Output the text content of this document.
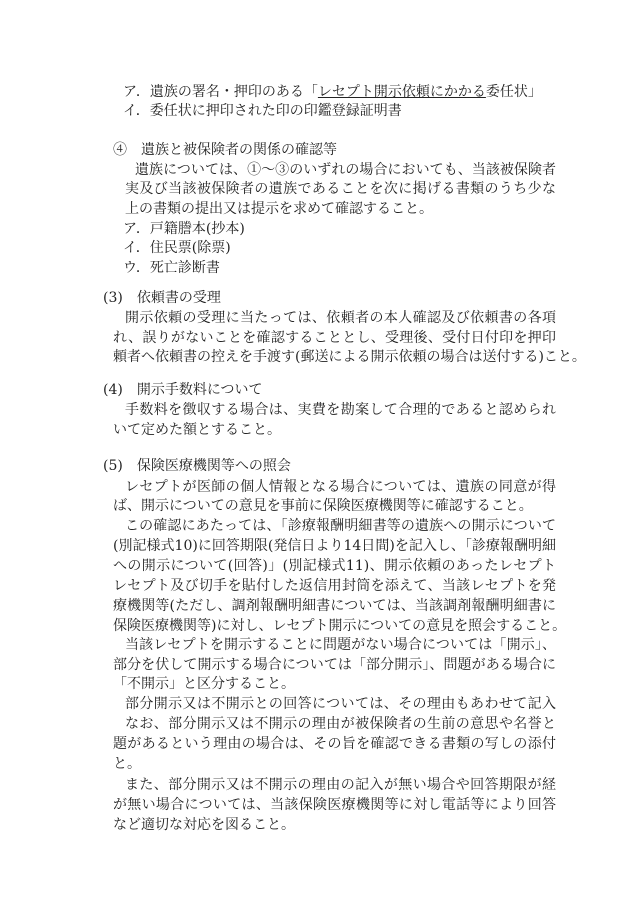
ア．遺族の署名・押印のある「レセプト開示依頼にかかる委任状」
イ．委任状に押印された印の印鑑登録証明書
④　遺族と被保険者の関係の確認等
遺族については、①～③のいずれの場合においても、当該被保険者
実及び当該被保険者の遺族であることを次に掲げる書類のうち少な
上の書類の提出又は提示を求めて確認すること。
ア．戸籍謄本(抄本)
イ．住民票(除票)
ウ．死亡診断書
(3)　依頼書の受理
開示依頼の受理に当たっては、依頼者の本人確認及び依頼書の各項
れ、誤りがないことを確認することとし、受理後、受付日付印を押印
頼者へ依頼書の控えを手渡す(郵送による開示依頼の場合は送付する)こと。
(4)　開示手数料について
手数料を徴収する場合は、実費を勘案して合理的であると認められ
いて定めた額とすること。
(5)　保険医療機関等への照会
レセプトが医師の個人情報となる場合については、遺族の同意が得
ば、開示についての意見を事前に保険医療機関等に確認すること。
この確認にあたっては、「診療報酬明細書等の遺族への開示について
(別記様式10)に回答期限(発信日より14日間)を記入し、「診療報酬明細
への開示について(回答)」(別記様式11)、開示依頼のあったレセプト
レセプト及び切手を貼付した返信用封筒を添えて、当該レセプトを発
療機関等(ただし、調剤報酬明細書については、当該調剤報酬明細書に
保険医療機関等)に対し、レセプト開示についての意見を照会すること。
当該レセプトを開示することに問題がない場合については「開示」、
部分を伏して開示する場合については「部分開示」、問題がある場合に
「不開示」と区分すること。
部分開示又は不開示との回答については、その理由もあわせて記入
なお、部分開示又は不開示の理由が被保険者の生前の意思や名誉と
題があるという理由の場合は、その旨を確認できる書類の写しの添付
と。
また、部分開示又は不開示の理由の記入が無い場合や回答期限が経
が無い場合については、当該保険医療機関等に対し電話等により回答
など適切な対応を図ること。
